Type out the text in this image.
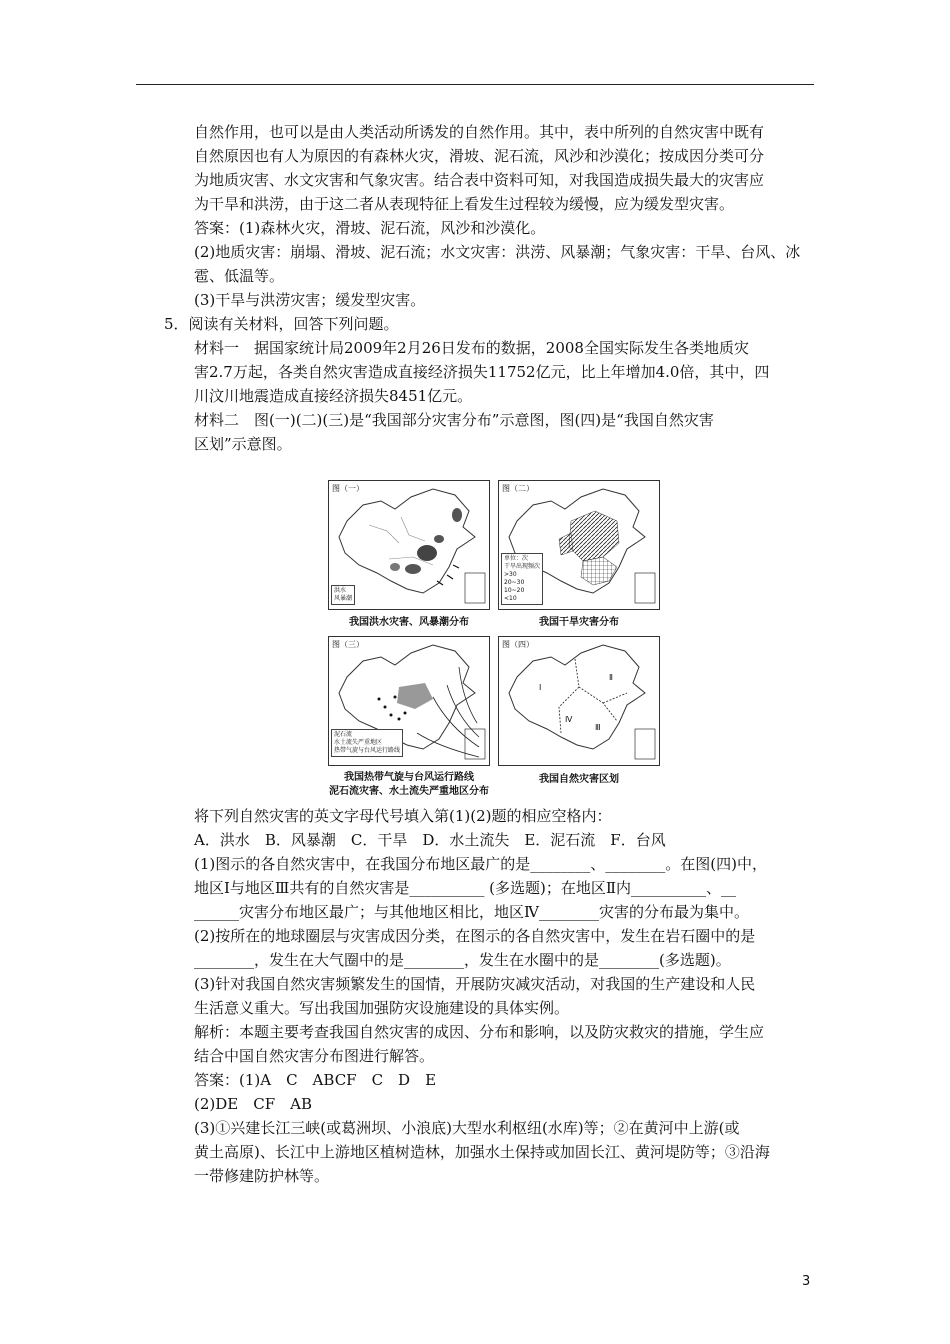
自然作用，也可以是由人类活动所诱发的自然作用。其中，表中所列的自然灾害中既有

自然原因也有人为原因的有森林火灾，滑坡、泥石流，风沙和沙漠化；按成因分类可分

为地质灾害、水文灾害和气象灾害。结合表中资料可知，对我国造成损失最大的灾害应

为干旱和洪涝，由于这二者从表现特征上看发生过程较为缓慢，应为缓发型灾害。

答案：(1)森林火灾，滑坡、泥石流，风沙和沙漠化。

(2)地质灾害：崩塌、滑坡、泥石流；水文灾害：洪涝、风暴潮；气象灾害：干旱、台风、冰

雹、低温等。

(3)干旱与洪涝灾害；缓发型灾害。

5．阅读有关材料，回答下列问题。

材料一　据国家统计局2009年2月26日发布的数据，2008全国实际发生各类地质灾

害2.7万起，各类自然灾害造成直接经济损失11752亿元，比上年增加4.0倍，其中，四

川汶川地震造成直接经济损失8451亿元。

材料二　图(一)(二)(三)是“我国部分灾害分布”示意图，图(四)是“我国自然灾害

区划”示意图。

图（一）
洪水
风暴潮
我国洪水灾害、风暴潮分布
图（二）
单位：次
干旱出现频次
>30
20~30
10~20
<10
我国干旱灾害分布
图（三）
泥石流
水土流失严重地区
热带气旋与台风运行路线
我国热带气旋与台风运行路线
泥石流灾害、水土流失严重地区分布
图（四）
Ⅰ
Ⅱ
Ⅲ
Ⅳ
我国自然灾害区划

将下列自然灾害的英文字母代号填入第(1)(2)题的相应空格内：

A．洪水　B．风暴潮　C．干旱　D．水土流失　E．泥石流　F．台风

(1)图示的各自然灾害中，在我国分布地区最广的是________、________。在图(四)中，

地区Ⅰ与地区Ⅲ共有的自然灾害是__________ (多选题)；在地区Ⅱ内__________、__

______灾害分布地区最广；与其他地区相比，地区Ⅳ________灾害的分布最为集中。

(2)按所在的地球圈层与灾害成因分类，在图示的各自然灾害中，发生在岩石圈中的是

________，发生在大气圈中的是________，发生在水圈中的是________(多选题)。

(3)针对我国自然灾害频繁发生的国情，开展防灾减灾活动，对我国的生产建设和人民

生活意义重大。写出我国加强防灾设施建设的具体实例。

解析：本题主要考查我国自然灾害的成因、分布和影响，以及防灾救灾的措施，学生应

结合中国自然灾害分布图进行解答。

答案：(1)A　C　ABCF　C　D　E

(2)DE　CF　AB

(3)①兴建长江三峡(或葛洲坝、小浪底)大型水利枢纽(水库)等；②在黄河中上游(或

黄土高原)、长江中上游地区植树造林，加强水土保持或加固长江、黄河堤防等；③沿海

一带修建防护林等。

3
